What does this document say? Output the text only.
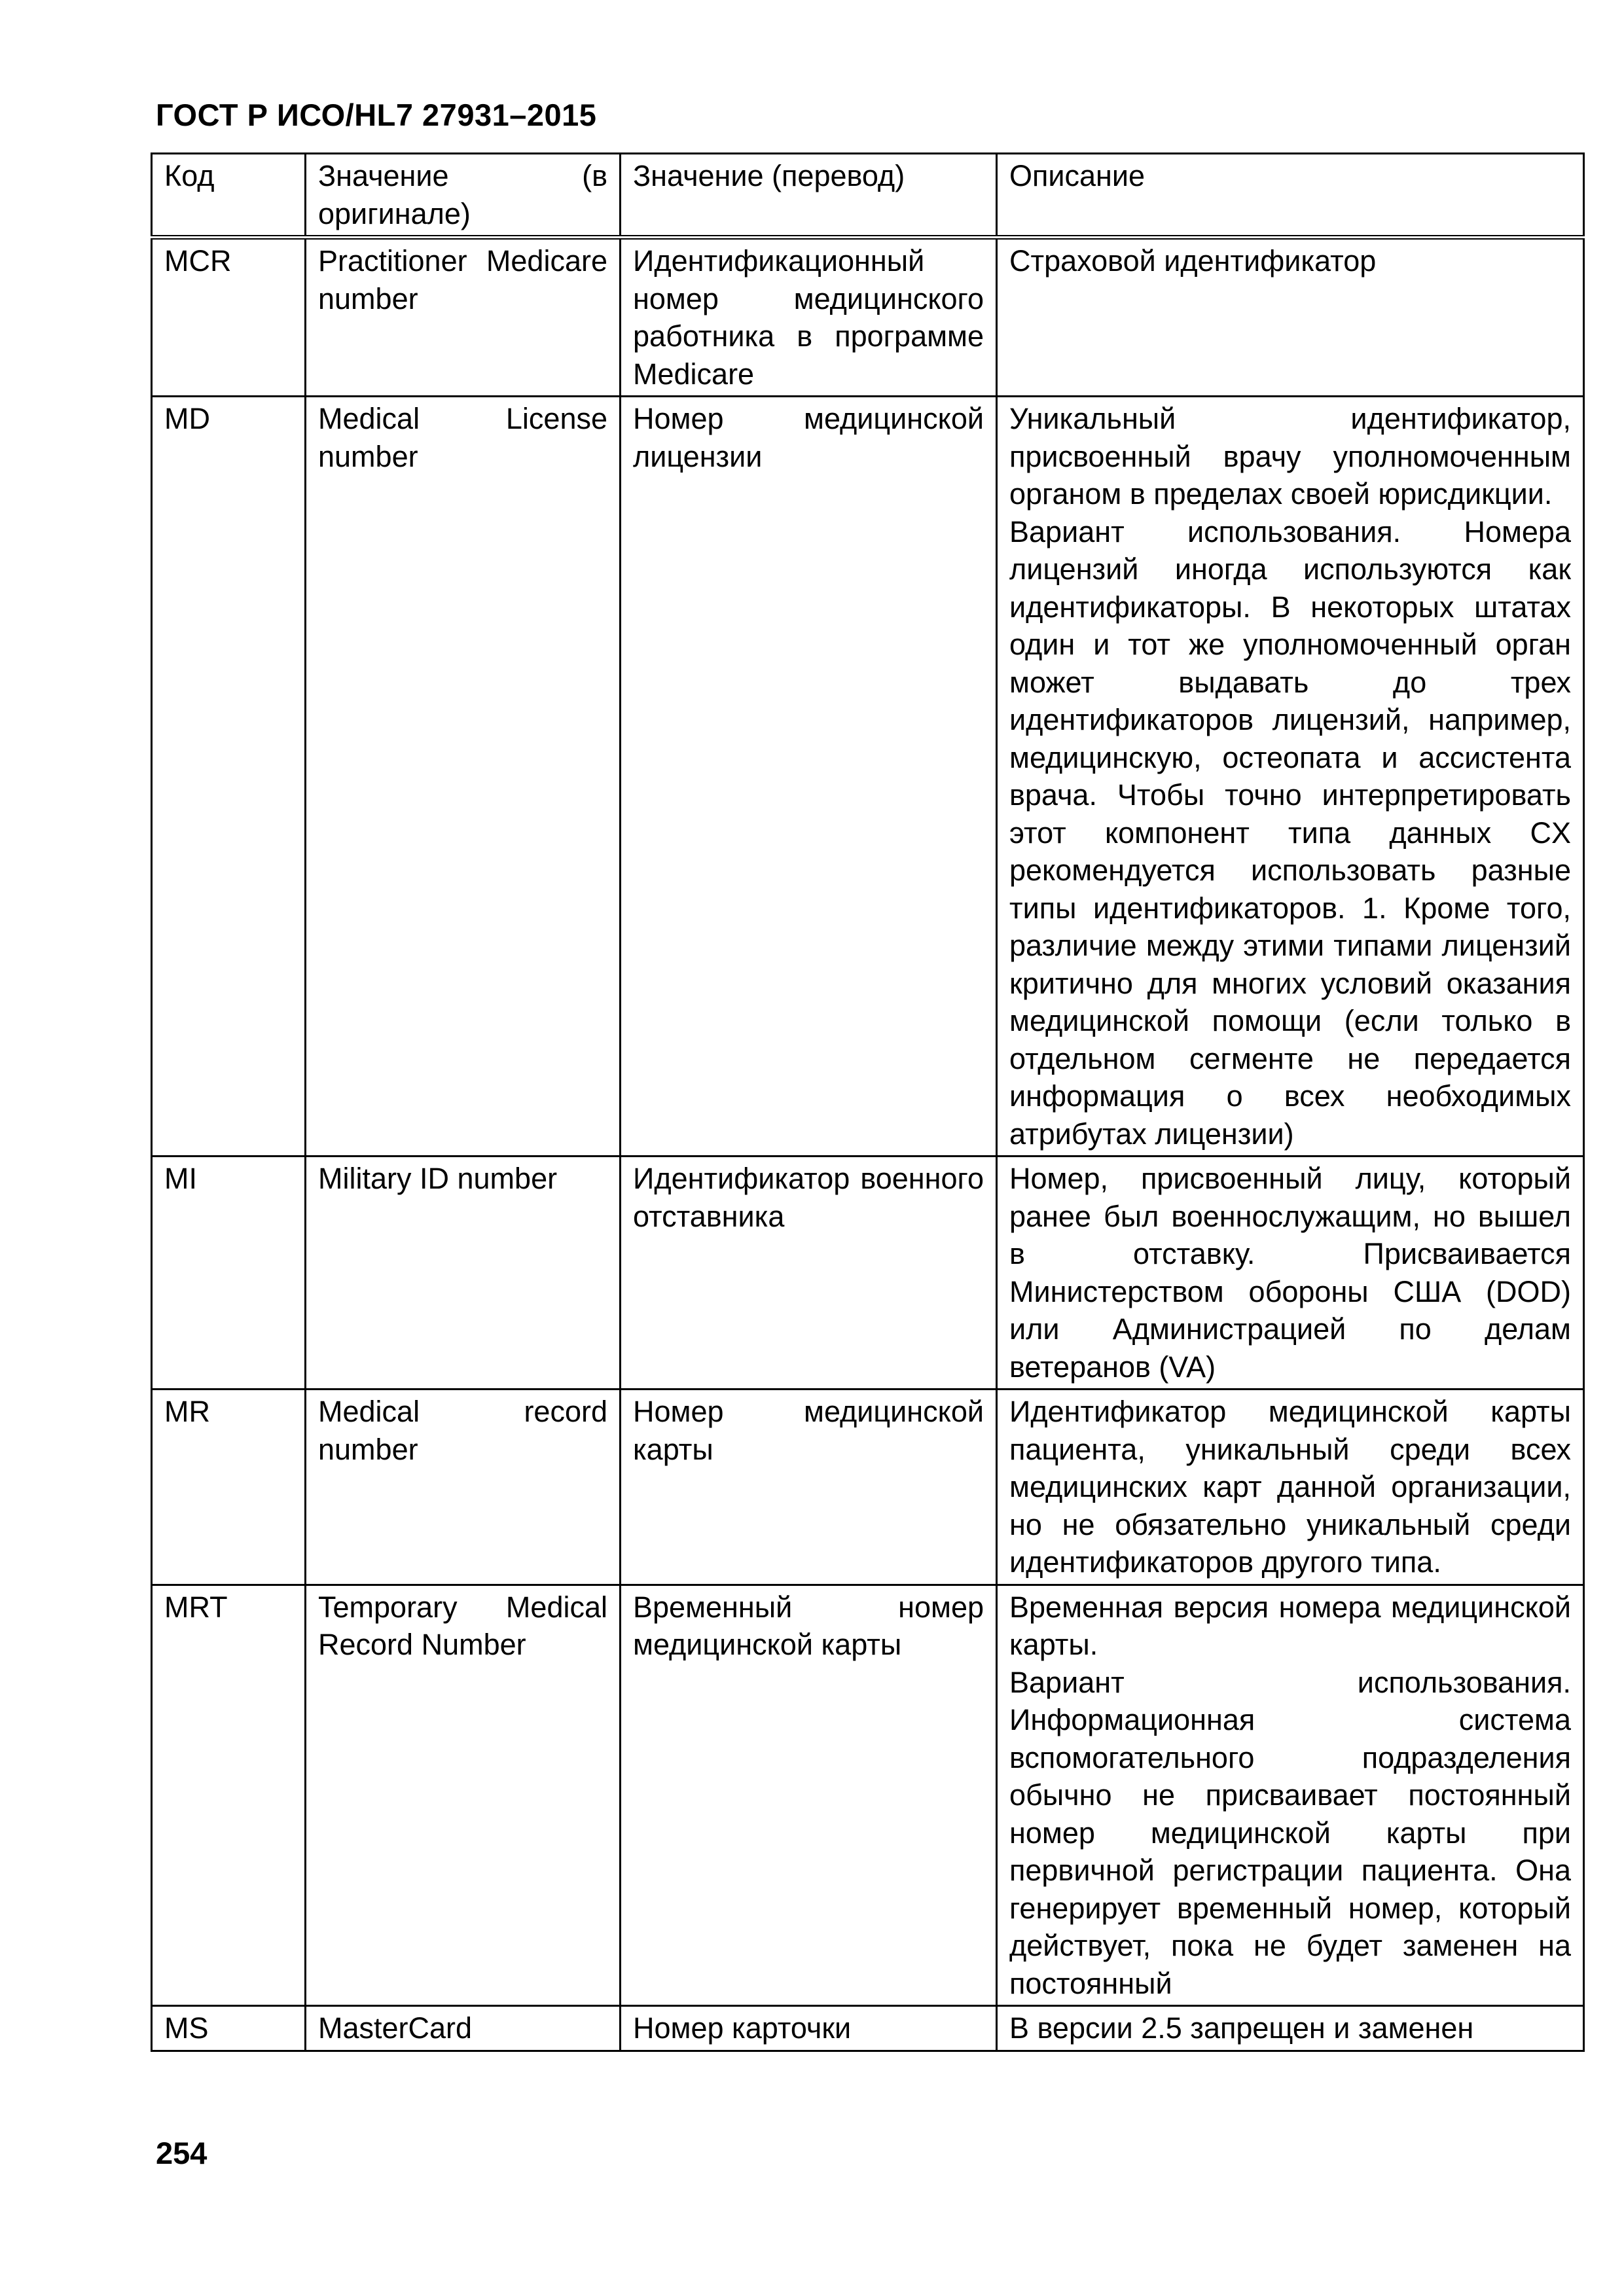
ГОСТ Р ИСО/HL7 27931–2015
Код	Значение (в оригинале)	Значение (перевод)	Описание
MCR	Practitioner Medicare number	Идентификационный номер медицинского работника в программе Medicare	Страховой идентификатор

MD	Medical License number	Номер медицинской лицензии	Уникальный идентификатор, присвоенный врачу уполномоченным органом в пределах своей юрисдикции.
Вариант использования. Номера лицензий иногда используются как идентификаторы. В некоторых штатах один и тот же уполномоченный орган может выдавать до трех идентификаторов лицензий, например, медицинскую, остеопата и ассистента врача. Чтобы точно интерпретировать этот компонент типа данных CX рекомендуется использовать разные типы идентификаторов. 1. Кроме того, различие между этими типами лицензий критично для многих условий оказания медицинской помощи (если только в отдельном сегменте не передается информация о всех необходимых атрибутах лицензии)

MI	Military ID number	Идентификатор военного отставника	Номер, присвоенный лицу, который ранее был военнослужащим, но вышел в отставку. Присваивается Министерством обороны США (DOD) или Администрацией по делам ветеранов (VA)

MR	Medical record number	Номер медицинской карты	Идентификатор медицинской карты пациента, уникальный среди всех медицинских карт данной организации, но не обязательно уникальный среди идентификаторов другого типа.

MRT	Temporary Medical Record Number	Временный номер медицинской карты	Временная версия номера медицинской карты.
Вариант использования. Информационная система вспомогательного подразделения обычно не присваивает постоянный номер медицинской карты при первичной регистрации пациента. Она генерирует временный номер, который действует, пока не будет заменен на постоянный

MS	MasterCard	Номер карточки	В версии 2.5 запрещен и заменен
254
